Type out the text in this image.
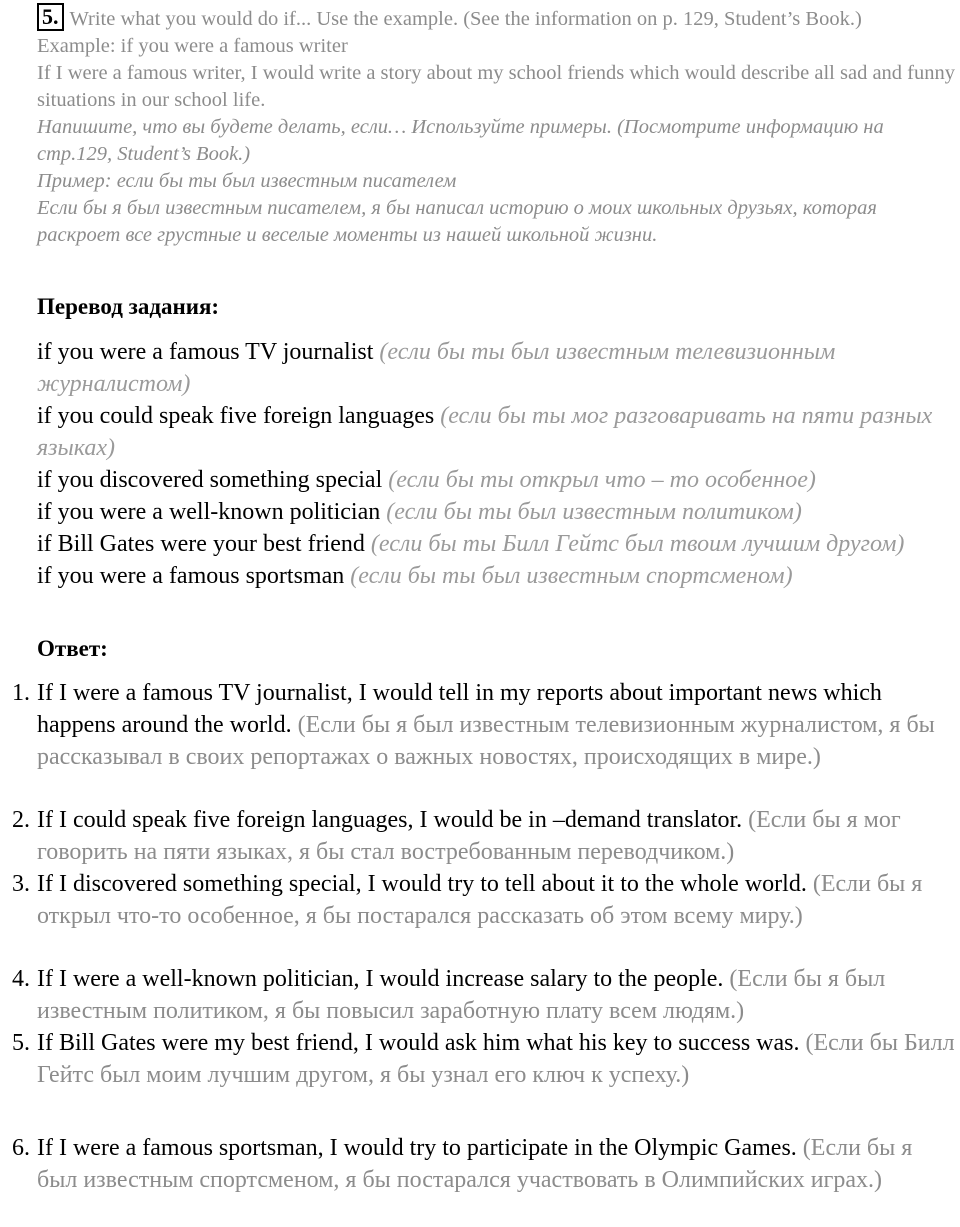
5. Write what you would do if... Use the example. (See the information on p. 129, Student’s Book.)

Example: if you were a famous writer

If I were a famous writer, I would write a story about my school friends which would describe all sad and funny situations in our school life.

Напишите, что вы будете делать, если… Используйте примеры. (Посмотрите информацию на стр.129, Student’s Book.)

Пример: если бы ты был известным писателем

Если бы я был известным писателем, я бы написал историю о моих школьных друзьях, которая раскроет все грустные и веселые моменты из нашей школьной жизни.

Перевод задания:

if you were a famous TV journalist (если бы ты был известным телевизионным журналистом)

if you could speak five foreign languages (если бы ты мог разговаривать на пяти разных языках)

if you discovered something special (если бы ты открыл что – то особенное)

if you were a well-known politician (если бы ты был известным политиком)

if Bill Gates were your best friend (если бы ты Билл Гейтс был твоим лучшим другом)

if you were a famous sportsman (если бы ты был известным спортсменом)

Ответ:
1. If I were a famous TV journalist, I would tell in my reports about important news which happens around the world. (Если бы я был известным телевизионным журналистом, я бы рассказывал в своих репортажах о важных новостях, происходящих в мире.)
2. If I could speak five foreign languages, I would be in –demand translator. (Если бы я мог говорить на пяти языках, я бы стал востребованным переводчиком.)
3. If I discovered something special, I would try to tell about it to the whole world. (Если бы я открыл что-то особенное, я бы постарался рассказать об этом всему миру.)
4. If I were a well-known politician, I would increase salary to the people. (Если бы я был известным политиком, я бы повысил заработную плату всем людям.)
5. If Bill Gates were my best friend, I would ask him what his key to success was. (Если бы Билл Гейтс был моим лучшим другом, я бы узнал его ключ к успеху.)
6. If I were a famous sportsman, I would try to participate in the Olympic Games. (Если бы я был известным спортсменом, я бы постарался участвовать в Олимпийских играх.)
